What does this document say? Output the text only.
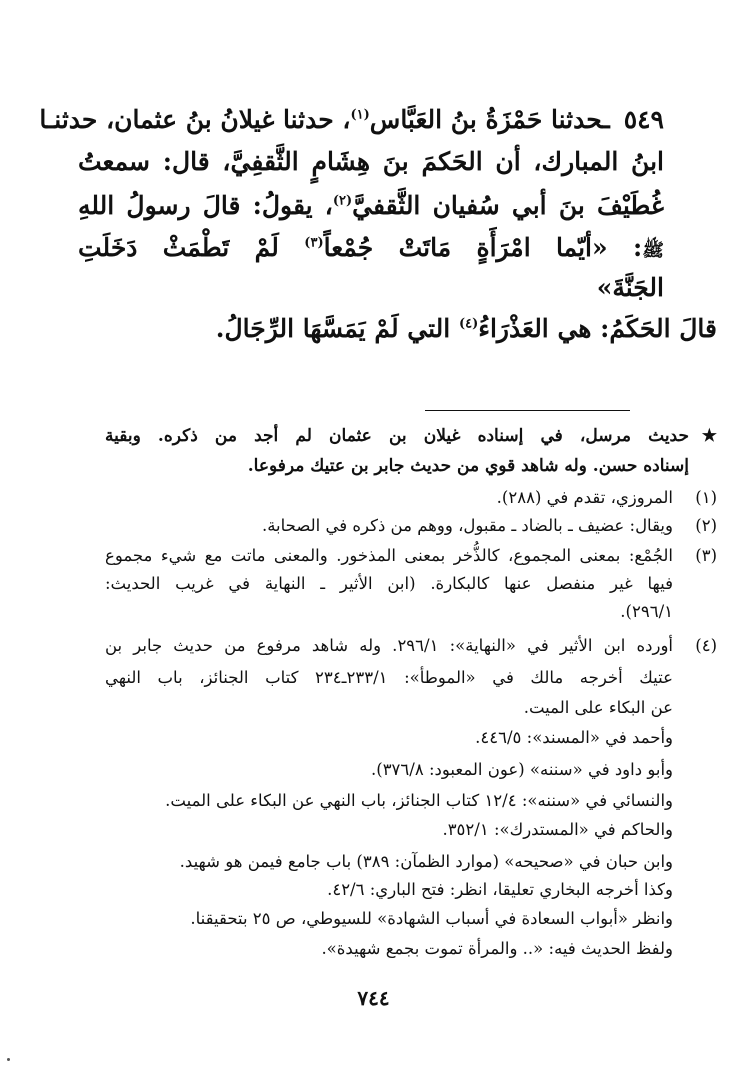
٥٤٩ـحدثنا حَمْزَةُ بنُ العَبَّاس$^{(١)}$، حدثنا غيلانُ بنُ عثمان، حدثنـا
ابنُ المبارك، أن الحَكمَ بنَ هِشَامٍ الثَّقفِيَّ، قال: سمعتُ
غُطَيْفَ بنَ أبي سُفيان الثَّقفيَّ$^{(٢)}$، يقولُ: قالَ رسولُ اللهِ
ﷺ: «أيّما امْرَأَةٍ مَاتَتْ جُمْعاً$^{(٣)}$ لَمْ تَطْمَثْ دَخَلَتِ
الجَنَّةَ»
قالَ الحَكَمُ: هي العَذْرَاءُ$^{(٤)}$ التي لَمْ يَمَسَّهَا الرِّجَالُ.
★
حديث مرسل، في إسناده غيلان بن عثمان لم أجد من ذكره. وبقية
إسناده حسن. وله شاهد قوي من حديث جابر بن عتيك مرفوعا.
(١)
المروزي، تقدم في (٢٨٨).
(٢)
ويقال: عضيف ـ بالضاد ـ مقبول، ووهم من ذكره في الصحابة.
(٣)
الجُمْع: بمعنى المجموع، كالذُّخر بمعنى المذخور. والمعنى ماتت مع شيء مجموع
فيها غير منفصل عنها كالبكارة. (ابن الأثير ـ النهاية في غريب الحديث:
٢٩٦/١).
(٤)
أورده ابن الأثير في «النهاية»: ٢٩٦/١. وله شاهد مرفوع من حديث جابر بن
عتيك أخرجه مالك في «الموطأ»: ٢٣٣/١ـ٢٣٤ كتاب الجنائز، باب النهي
عن البكاء على الميت.
وأحمد في «المسند»: ٤٤٦/٥.
وأبو داود في «سننه» (عون المعبود: ٣٧٦/٨).
والنسائي في «سننه»: ١٢/٤ كتاب الجنائز، باب النهي عن البكاء على الميت.
والحاكم في «المستدرك»: ٣٥٢/١.
وابن حبان في «صحيحه» (موارد الظمآن: ٣٨٩) باب جامع فيمن هو شهيد.
وكذا أخرجه البخاري تعليقا، انظر: فتح الباري: ٤٢/٦.
وانظر «أبواب السعادة في أسباب الشهادة» للسيوطي، ص ٢٥ بتحقيقنا.
ولفظ الحديث فيه: «.. والمرأة تموت بجمع شهيدة».
٧٤٤
